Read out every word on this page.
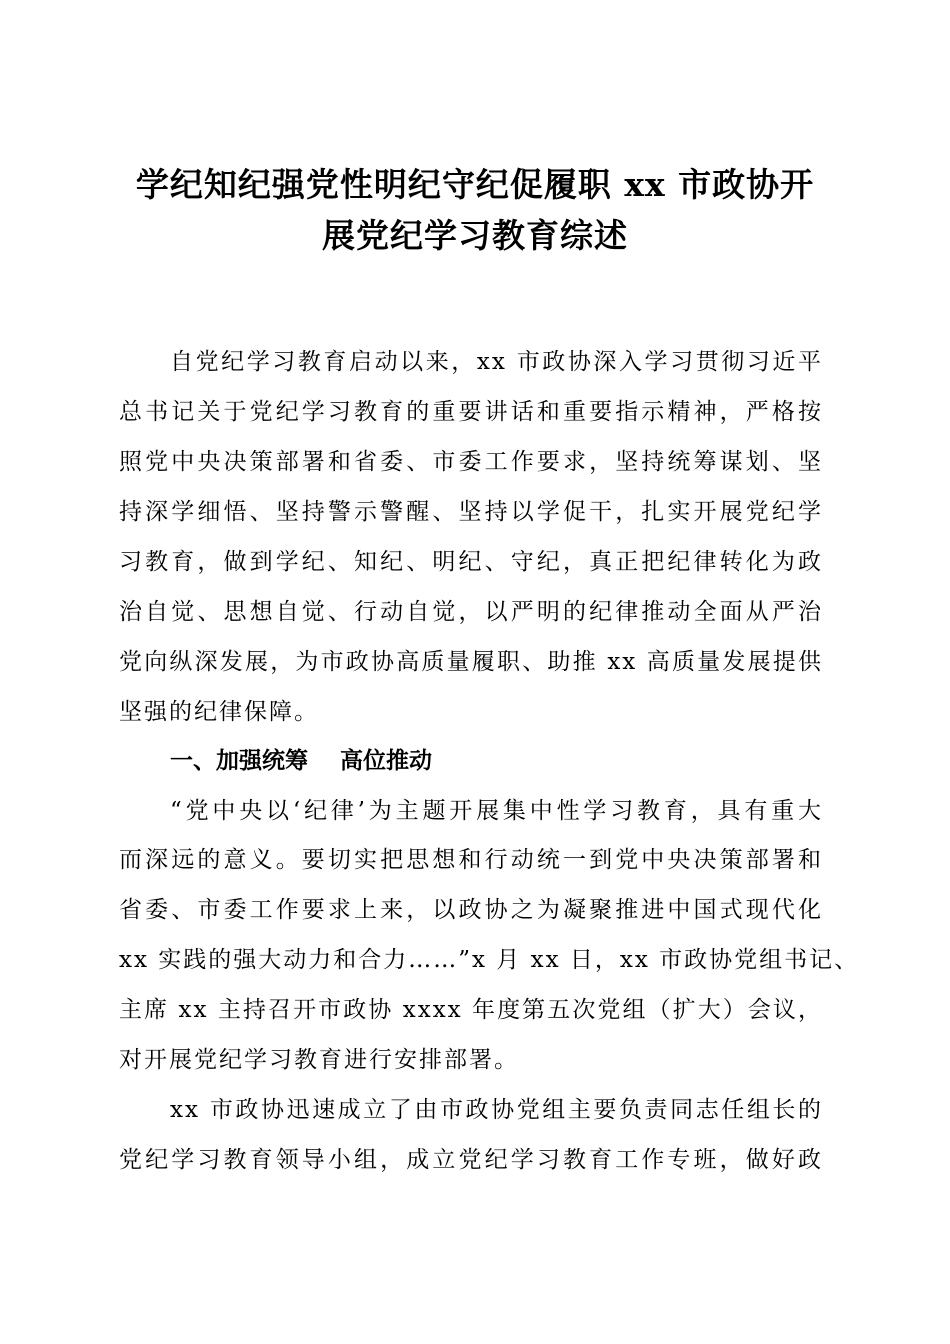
学纪知纪强党性明纪守纪促履职 xx 市政协开
展党纪学习教育综述
自党纪学习教育启动以来，xx 市政协深入学习贯彻习近平
总书记关于党纪学习教育的重要讲话和重要指示精神，严格按
照党中央决策部署和省委、市委工作要求，坚持统筹谋划、坚
持深学细悟、坚持警示警醒、坚持以学促干，扎实开展党纪学
习教育，做到学纪、知纪、明纪、守纪，真正把纪律转化为政
治自觉、思想自觉、行动自觉，以严明的纪律推动全面从严治
党向纵深发展，为市政协高质量履职、助推 xx 高质量发展提供
坚强的纪律保障。
一、加强统筹    高位推动
“党中央以‘纪律’为主题开展集中性学习教育，具有重大
而深远的意义。要切实把思想和行动统一到党中央决策部署和
省委、市委工作要求上来，以政协之为凝聚推进中国式现代化
xx 实践的强大动力和合力……”x 月 xx 日，xx 市政协党组书记、
主席 xx 主持召开市政协 xxxx 年度第五次党组（扩大）会议，
对开展党纪学习教育进行安排部署。
xx 市政协迅速成立了由市政协党组主要负责同志任组长的
党纪学习教育领导小组，成立党纪学习教育工作专班，做好政
